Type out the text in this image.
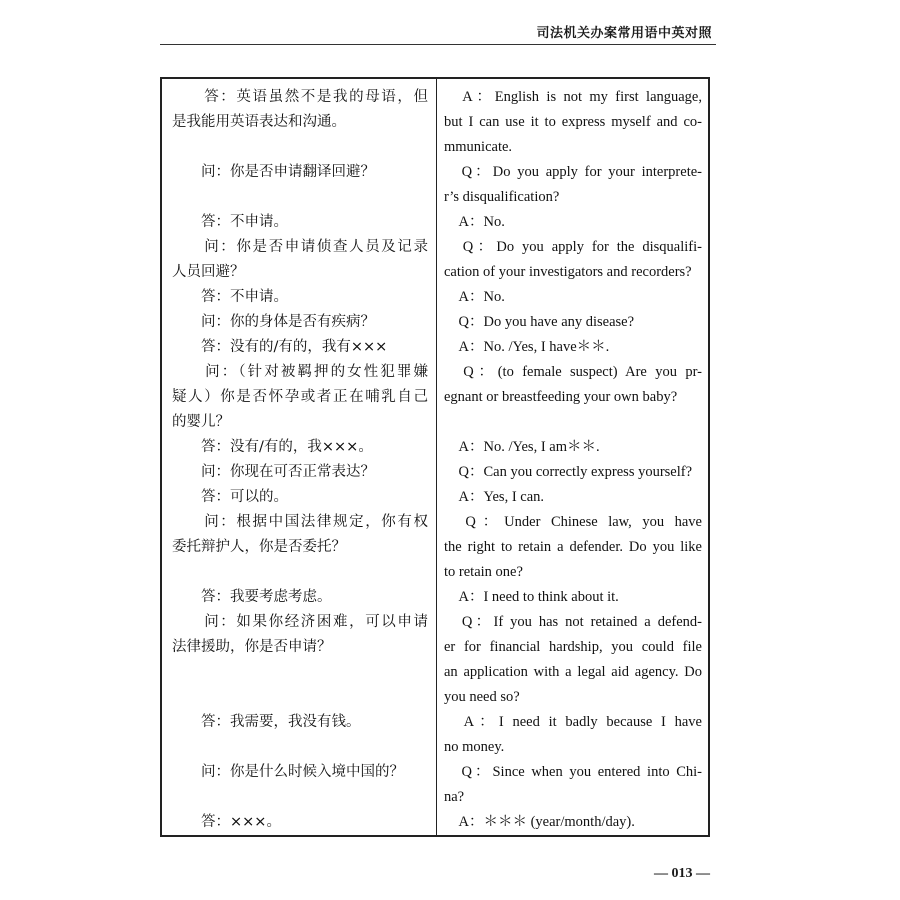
司法机关办案常用语中英对照
　　答：英语虽然不是我的母语，但
是我能用英语表达和沟通。
　　问：你是否申请翻译回避？
　　答：不申请。
　　问：你是否申请侦查人员及记录
人员回避？
　　答：不申请。
　　问：你的身体是否有疾病？
　　答：没有的/有的，我有×××
　　问：（针对被羁押的女性犯罪嫌
疑人）你是否怀孕或者正在哺乳自己
的婴儿？
　　答：没有/有的，我×××。
　　问：你现在可否正常表达？
　　答：可以的。
　　问：根据中国法律规定，你有权
委托辩护人，你是否委托？
　　答：我要考虑考虑。
　　问：如果你经济困难，可以申请
法律援助，你是否申请？
　　答：我需要，我没有钱。
　　问：你是什么时候入境中国的？
　　答：×××。
　A：English is not my first language,
but I can use it to express myself and co-
mmunicate.
　Q：Do you apply for your interprete-
r’s disqualification?
　A：No.
　Q：Do you apply for the disqualifi-
cation of your investigators and recorders?
　A：No.
　Q：Do you have any disease?
　A：No. /Yes, I have＊＊.
　Q：(to female suspect) Are you pr-
egnant or breastfeeding your own baby?
　A：No. /Yes, I am＊＊.
　Q：Can you correctly express yourself?
　A：Yes, I can.
　Q：Under Chinese law, you have
the right to retain a defender. Do you like
to retain one?
　A：I need to think about it.
　Q：If you has not retained a defend-
er for financial hardship, you could file
an application with a legal aid agency. Do
you need so?
　A：I need it badly because I have
no money.
　Q：Since when you entered into Chi-
na?
　A：＊＊＊ (year/month/day).
— 013 —
